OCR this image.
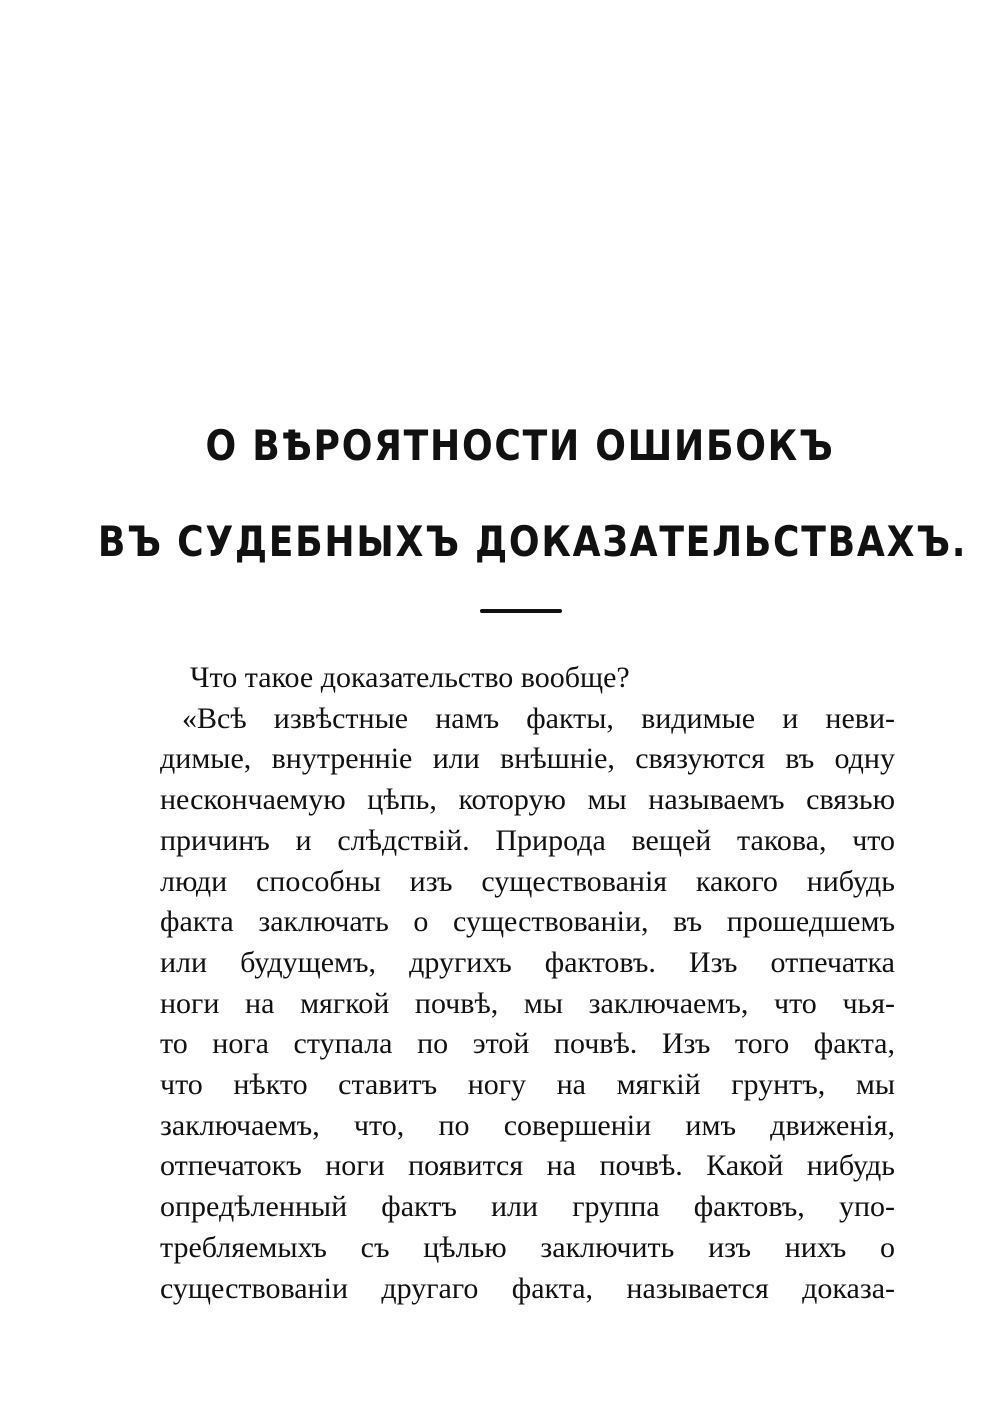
О ВѢРОЯТНОСТИ ОШИБОКЪ
ВЪ СУДЕБНЫХЪ ДОКАЗАТЕЛЬСТВАХЪ.
Что такое доказательство вообще?
«Всѣ извѣстные намъ факты, видимые и неви-
димые, внутренніе или внѣшніе, связуются въ одну
нескончаемую цѣпь, которую мы называемъ связью
причинъ и слѣдствій. Природа вещей такова, что
люди способны изъ существованія какого нибудь
факта заключать о существованіи, въ прошедшемъ
или будущемъ, другихъ фактовъ. Изъ отпечатка
ноги на мягкой почвѣ, мы заключаемъ, что чья-
то нога ступала по этой почвѣ. Изъ того факта,
что нѣкто ставитъ ногу на мягкій грунтъ, мы
заключаемъ, что, по совершеніи имъ движенія,
отпечатокъ ноги появится на почвѣ. Какой нибудь
опредѣленный фактъ или группа фактовъ, упо-
требляемыхъ съ цѣлью заключить изъ нихъ о
существованіи другаго факта, называется доказа-
